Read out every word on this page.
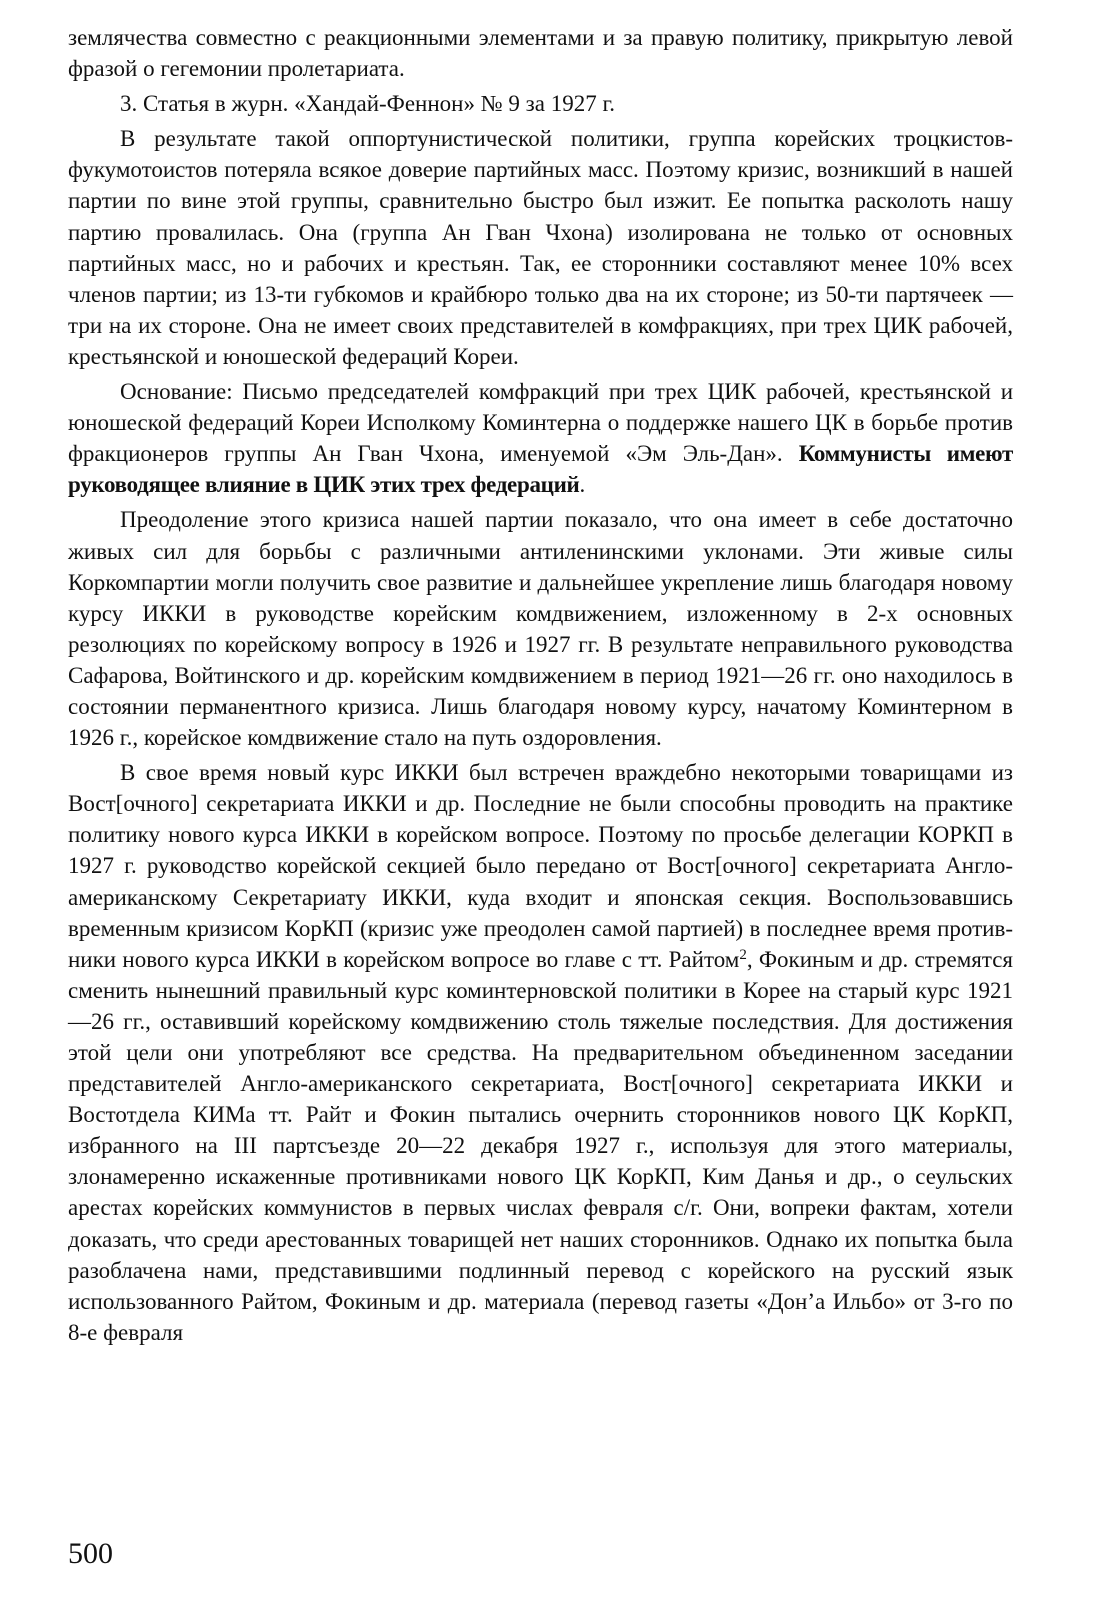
землячества совместно с реакционными элементами и за правую политику, прикрытую левой фразой о гегемонии пролетариата.

3. Статья в журн. «Хандай-Феннон» № 9 за 1927 г.

В результате такой оппортунистической политики, группа корейских троцкистов-фукумотоистов потеряла всякое доверие партийных масс. Поэтому кризис, возникший в нашей партии по вине этой группы, сравнительно быстро был изжит. Ее попытка расколоть нашу партию провалилась. Она (группа Ан Гван Чхона) изолирована не только от основных партийных масс, но и рабочих и крестьян. Так, ее сторонники составляют менее 10% всех членов партии; из 13-ти губкомов и крайбюро только два на их стороне; из 50-ти партячеек — три на их стороне. Она не имеет своих представителей в комфракциях, при трех ЦИК рабочей, крестьянской и юношеской федераций Кореи.

Основание: Письмо председателей комфракций при трех ЦИК рабочей, крестьянской и юношеской федераций Кореи Исполкому Коминтерна о поддержке нашего ЦК в борьбе против фракционеров группы Ан Гван Чхона, именуемой «Эм Эль-Дан». Коммунисты имеют руководящее влияние в ЦИК этих трех федераций.

Преодоление этого кризиса нашей партии показало, что она имеет в себе достаточно живых сил для борьбы с различными антиленинскими уклонами. Эти живые силы Коркомпартии могли получить свое развитие и дальнейшее укрепление лишь благодаря новому курсу ИККИ в руководстве корейским комдвижением, изложенному в 2-х основных резолюциях по корейскому вопросу в 1926 и 1927 гг. В результате неправильного руководства Сафарова, Войтинского и др. корейским комдвижением в период 1921—26 гг. оно находилось в состоянии перманентного кризиса. Лишь благодаря новому курсу, начатому Коминтерном в 1926 г., корейское комдвижение стало на путь оздоровления.

В свое время новый курс ИККИ был встречен враждебно некоторыми товарищами из Вост[очного] секретариата ИККИ и др. Последние не были способны проводить на практике политику нового курса ИККИ в корейском вопросе. Поэтому по просьбе делегации КОРКП в 1927 г. руководство корейской секцией было передано от Вост[очного] секретариата Англо-американскому Секретариату ИККИ, куда входит и японская секция. Воспользовавшись временным кризисом КорКП (кризис уже преодолен самой партией) в последнее время противники нового курса ИККИ в корейском вопросе во главе с тт. Райтом$^2$, Фокиным и др. стремятся сменить нынешний правильный курс коминтерновской политики в Корее на старый курс 1921—26 гг., оставивший корейскому комдвижению столь тяжелые последствия. Для достижения этой цели они употребляют все средства. На предварительном объединенном заседании представителей Англо-американского секретариата, Вост[очного] секретариата ИККИ и Востотдела КИМа тт. Райт и Фокин пытались очернить сторонников нового ЦК КорКП, избранного на III партсъезде 20—22 декабря 1927 г., используя для этого материалы, злонамеренно искаженные противниками нового ЦК КорКП, Ким Данья и др., о сеульских арестах корейских коммунистов в первых числах февраля с/г. Они, вопреки фактам, хотели доказать, что среди арестованных товарищей нет наших сторонников. Однако их попытка была разоблачена нами, представившими подлинный перевод с корейского на русский язык использованного Райтом, Фокиным и др. материала (перевод газеты «Дон’а Ильбо» от 3-го по 8-е февраля

500
